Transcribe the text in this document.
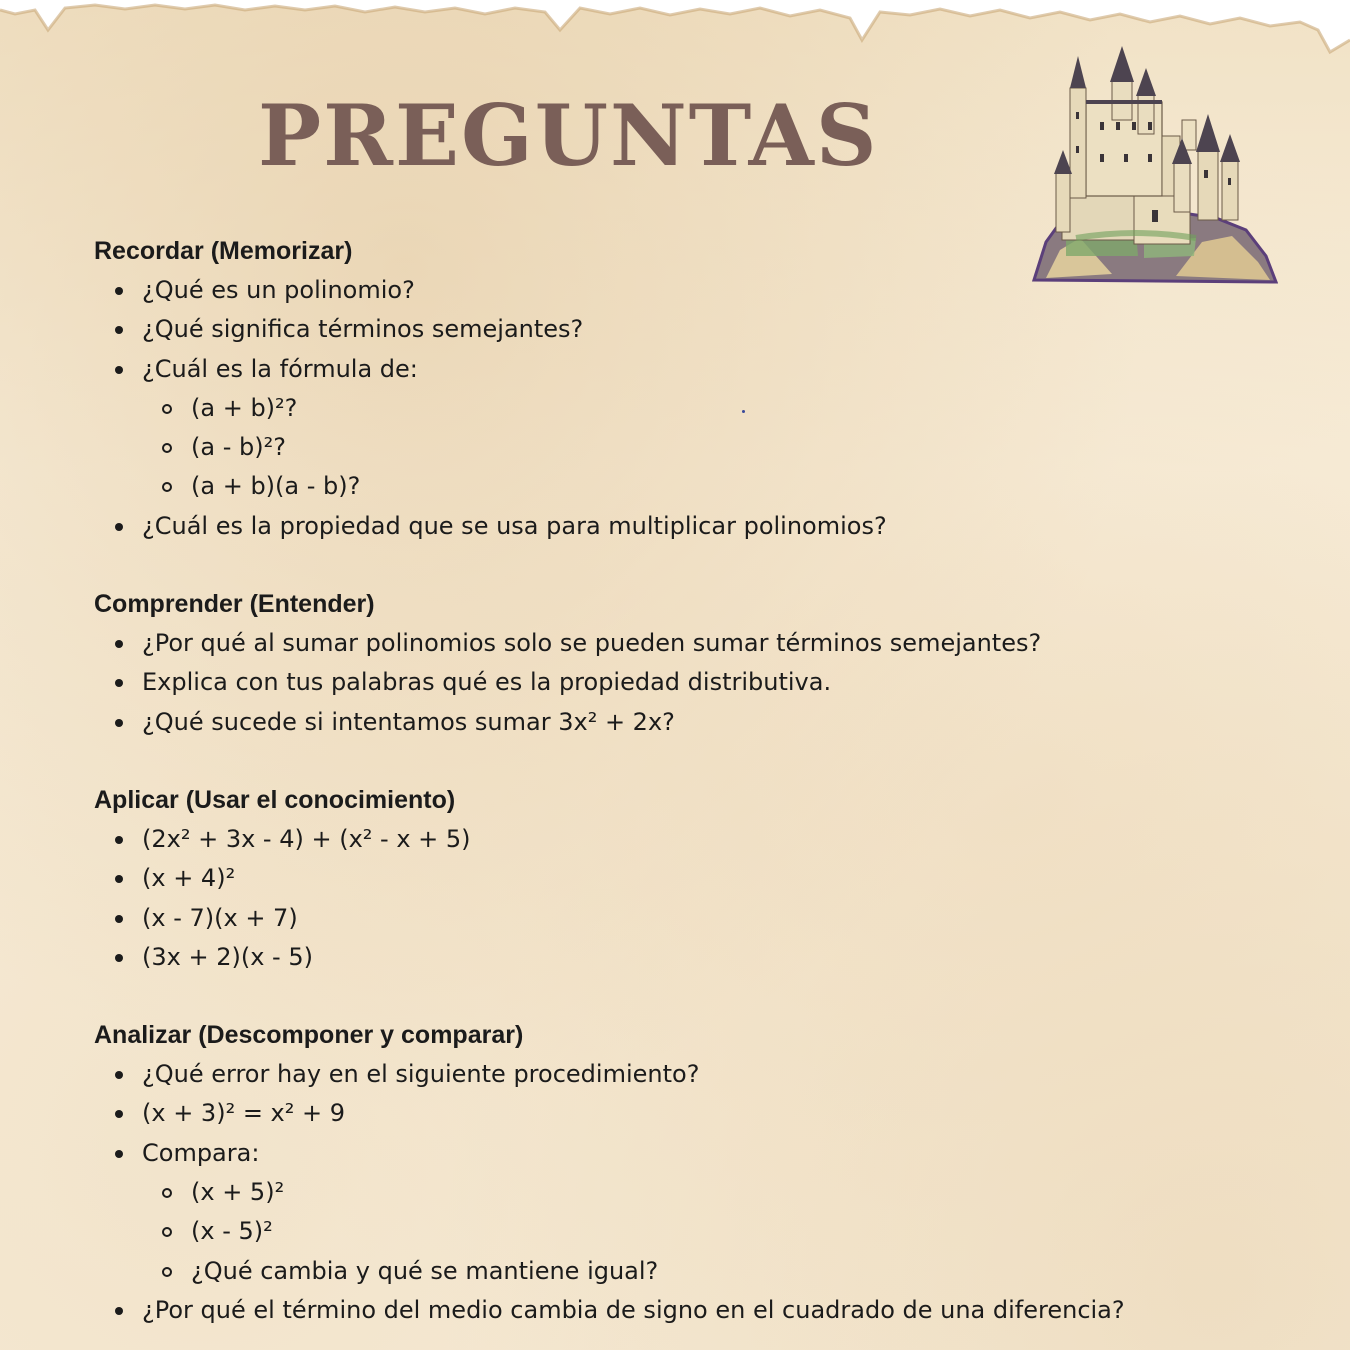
PREGUNTAS
Recordar (Memorizar)
¿Qué es un polinomio?
¿Qué significa términos semejantes?
¿Cuál es la fórmula de:
(a + b)²?
(a - b)²?
(a + b)(a - b)?
¿Cuál es la propiedad que se usa para multiplicar polinomios?
Comprender (Entender)
¿Por qué al sumar polinomios solo se pueden sumar términos semejantes?
Explica con tus palabras qué es la propiedad distributiva.
¿Qué sucede si intentamos sumar 3x² + 2x?
Aplicar (Usar el conocimiento)
(2x² + 3x - 4) + (x² - x + 5)
(x + 4)²
(x - 7)(x + 7)
(3x + 2)(x - 5)
Analizar (Descomponer y comparar)
¿Qué error hay en el siguiente procedimiento?
(x + 3)² = x² + 9
Compara:
(x + 5)²
(x - 5)²
¿Qué cambia y qué se mantiene igual?
¿Por qué el término del medio cambia de signo en el cuadrado de una diferencia?
